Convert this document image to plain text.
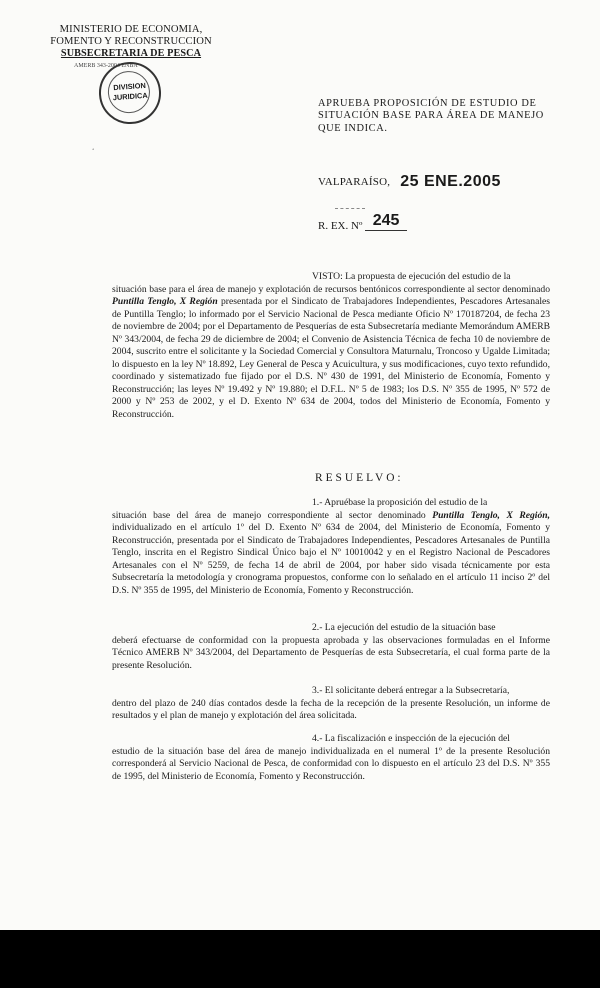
MINISTERIO DE ECONOMIA,
FOMENTO Y RECONSTRUCCION
SUBSECRETARIA DE PESCA
AMERB 343-2004 ENBA
DIVISION
JURIDICA
‘
APRUEBA PROPOSICIÓN DE ESTUDIO DE SITUACIÓN BASE PARA ÁREA DE MANEJO QUE INDICA.
VALPARAÍSO, 25 ENE.2005
R. EX. Nº 245
VISTO: La propuesta de ejecución del estudio de la
situación base para el área de manejo y explotación de recursos bentónicos correspondiente al sector denominado Puntilla Tenglo, X Región presentada por el Sindicato de Trabajadores Independientes, Pescadores Artesanales de Puntilla Tenglo; lo informado por el Servicio Nacional de Pesca mediante Oficio Nº 170187204, de fecha 23 de noviembre de 2004; por el Departamento de Pesquerías de esta Subsecretaría mediante Memorándum AMERB Nº 343/2004, de fecha 29 de diciembre de 2004; el Convenio de Asistencia Técnica de fecha 10 de noviembre de 2004, suscrito entre el solicitante y la Sociedad Comercial y Consultora Maturnalu, Troncoso y Ugalde Limitada; lo dispuesto en la ley Nº 18.892, Ley General de Pesca y Acuicultura, y sus modificaciones, cuyo texto refundido, coordinado y sistematizado fue fijado por el D.S. Nº 430 de 1991, del Ministerio de Economía, Fomento y Reconstrucción; las leyes Nº 19.492 y Nº 19.880; el D.F.L. Nº 5 de 1983; los D.S. Nº 355 de 1995, Nº 572 de 2000 y Nº 253 de 2002, y el D. Exento Nº 634 de 2004, todos del Ministerio de Economía, Fomento y Reconstrucción.
RESUELVO:
1.- Apruébase la proposición del estudio de la
situación base del área de manejo correspondiente al sector denominado Puntilla Tenglo, X Región, individualizado en el artículo 1º del D. Exento Nº 634 de 2004, del Ministerio de Economía, Fomento y Reconstrucción, presentada por el Sindicato de Trabajadores Independientes, Pescadores Artesanales de Puntilla Tenglo, inscrita en el Registro Sindical Único bajo el Nº 10010042 y en el Registro Nacional de Pescadores Artesanales con el Nº 5259, de fecha 14 de abril de 2004, por haber sido visada técnicamente por esta Subsecretaría la metodología y cronograma propuestos, conforme con lo señalado en el artículo 11 inciso 2º del D.S. Nº 355 de 1995, del Ministerio de Economía, Fomento y Reconstrucción.
2.- La ejecución del estudio de la situación base
deberá efectuarse de conformidad con la propuesta aprobada y las observaciones formuladas en el Informe Técnico AMERB Nº 343/2004, del Departamento de Pesquerías de esta Subsecretaría, el cual forma parte de la presente Resolución.
3.- El solicitante deberá entregar a la Subsecretaría,
dentro del plazo de 240 días contados desde la fecha de la recepción de la presente Resolución, un informe de resultados y el plan de manejo y explotación del área solicitada.
4.- La fiscalización e inspección de la ejecución del
estudio de la situación base del área de manejo individualizada en el numeral 1º de la presente Resolución corresponderá al Servicio Nacional de Pesca, de conformidad con lo dispuesto en el artículo 23 del D.S. Nº 355 de 1995, del Ministerio de Economía, Fomento y Reconstrucción.
